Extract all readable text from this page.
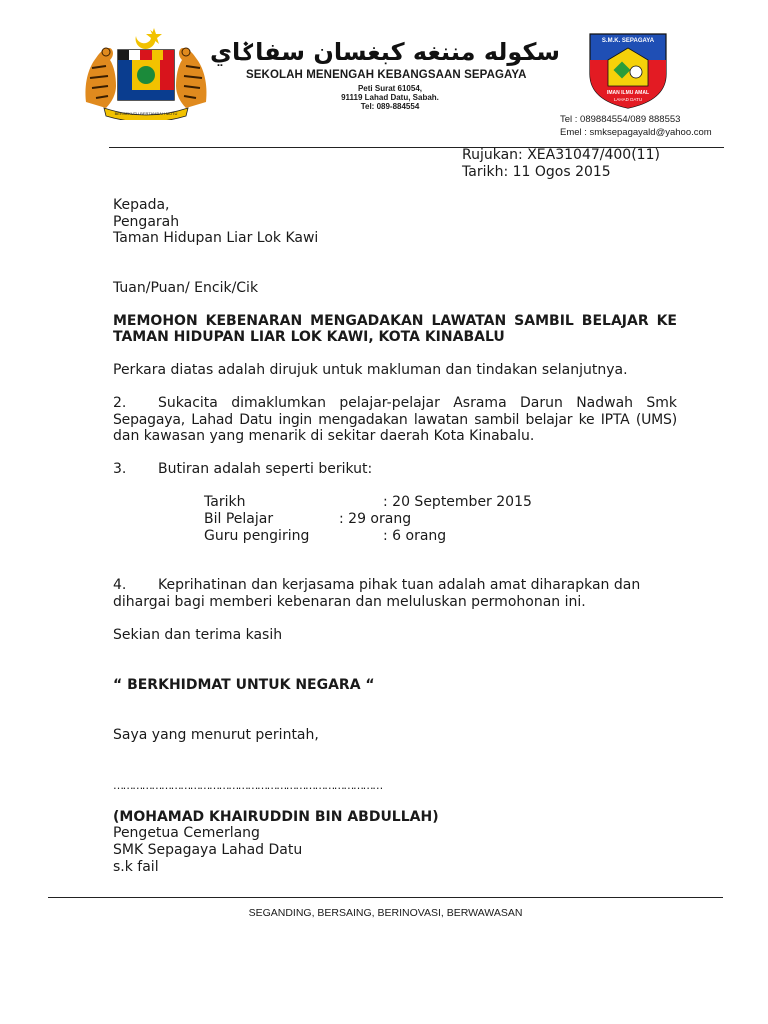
BERSEKUTU BERTAMBAH MUTU
سکوله مننغه کبغسان سفاݢاي
SEKOLAH MENENGAH KEBANGSAAN SEPAGAYA
Peti Surat 61054,
91119 Lahad Datu, Sabah.
Tel: 089-884554
S.M.K. SEPAGAYA
IMAN ILMU AMAL
LAHAD DATU
Tel : 089884554/089 888553
Emel : smksepagayald@yahoo.com
Rujukan: XEA31047/400(11)
Tarikh: 11 Ogos 2015
Kepada,
Pengarah
Taman Hidupan Liar Lok Kawi
Tuan/Puan/ Encik/Cik
MEMOHON KEBENARAN MENGADAKAN LAWATAN SAMBIL BELAJAR KE
TAMAN HIDUPAN LIAR LOK KAWI, KOTA KINABALU
Perkara diatas adalah dirujuk untuk makluman dan tindakan selanjutnya.
2. Sukacita dimaklumkan pelajar-pelajar Asrama Darun Nadwah Smk
Sepagaya, Lahad Datu ingin mengadakan lawatan sambil belajar ke IPTA (UMS)
dan kawasan yang menarik di sekitar daerah Kota Kinabalu.
3. Butiran adalah seperti berikut:
Tarikh	: 20 September 2015
Bil Pelajar	: 29 orang
Guru pengiring	: 6 orang
4. Keprihatinan dan kerjasama pihak tuan adalah amat diharapkan dan
dihargai bagi memberi kebenaran dan meluluskan permohonan ini.
Sekian dan terima kasih
“ BERKHIDMAT UNTUK NEGARA “
Saya yang menurut perintah,
…………………………………………………………………………
(MOHAMAD KHAIRUDDIN BIN ABDULLAH)
Pengetua Cemerlang
SMK Sepagaya Lahad Datu
s.k fail
SEGANDING, BERSAING, BERINOVASI, BERWAWASAN
